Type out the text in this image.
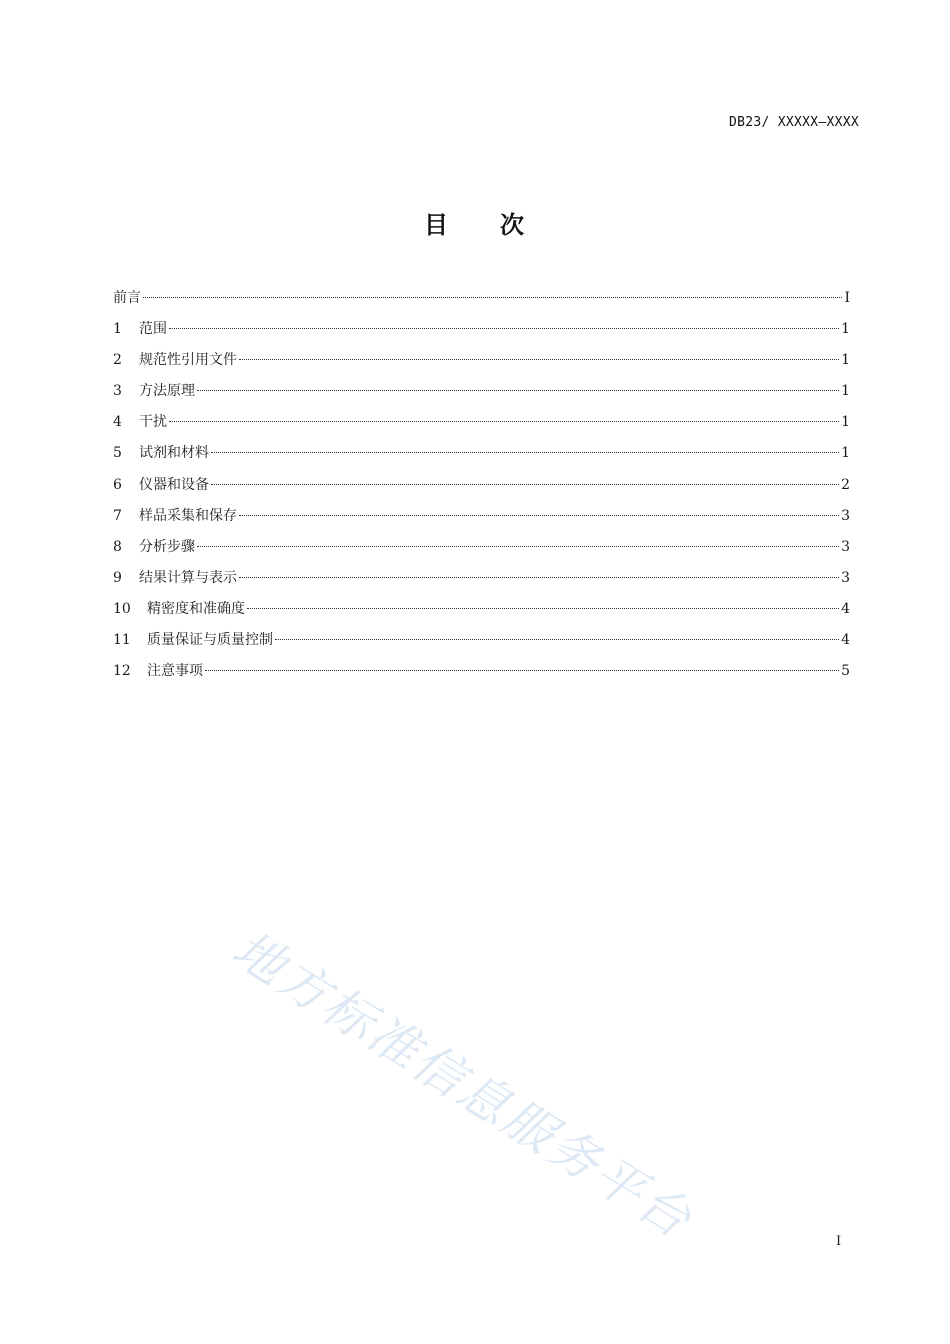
DB23/ XXXXX—XXXX
目 次
前言	I
1	范围	1
2	规范性引用文件	1
3	方法原理	1
4	干扰	1
5	试剂和材料	1
6	仪器和设备	2
7	样品采集和保存	3
8	分析步骤	3
9	结果计算与表示	3
10	精密度和准确度	4
11	质量保证与质量控制	4
12	注意事项	5
地方标准信息服务平台	I
